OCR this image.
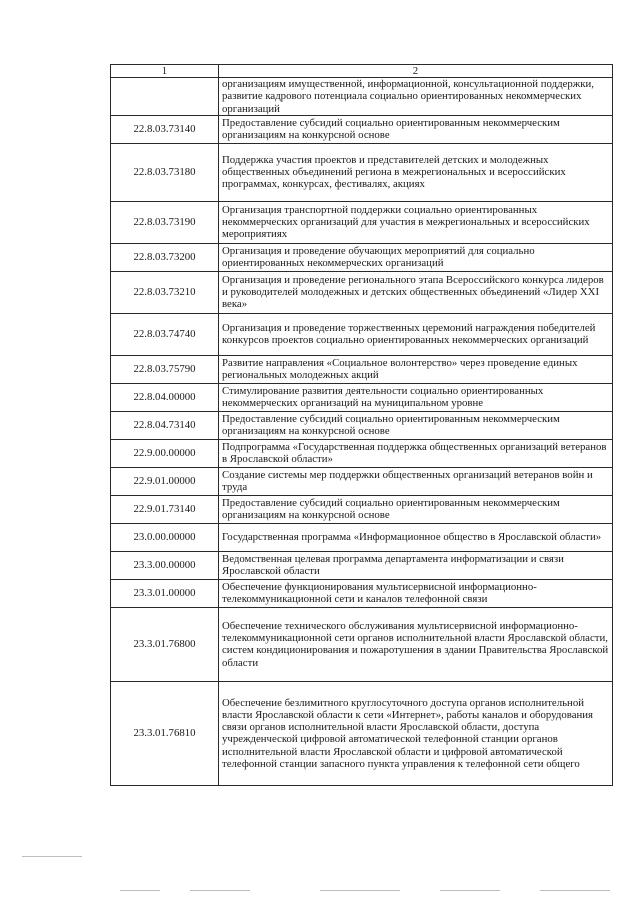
1	2
	организациям имущественной, информационной, консультационной поддержки, развитие кадрового потенциала социально ориентированных некоммерческих организаций
22.8.03.73140	Предоставление субсидий социально ориентированным некоммерческим организациям на конкурсной основе
22.8.03.73180	Поддержка участия проектов и представителей детских и молодежных общественных объединений региона в межрегиональных и всероссийских программах, конкурсах, фестивалях, акциях
22.8.03.73190	Организация транспортной поддержки социально ориентированных некоммерческих организаций для участия в межрегиональных и всероссийских мероприятиях
22.8.03.73200	Организация и проведение обучающих мероприятий для социально ориентированных некоммерческих организаций
22.8.03.73210	Организация и проведение регионального этапа Всероссийского конкурса лидеров и руководителей молодежных и детских общественных объединений «Лидер XXI века»
22.8.03.74740	Организация и проведение торжественных церемоний награждения победителей конкурсов проектов социально ориентированных некоммерческих организаций
22.8.03.75790	Развитие направления «Социальное волонтерство» через проведение единых региональных молодежных акций
22.8.04.00000	Стимулирование развития деятельности социально ориентированных некоммерческих организаций на муниципальном уровне
22.8.04.73140	Предоставление субсидий социально ориентированным некоммерческим организациям на конкурсной основе
22.9.00.00000	Подпрограмма «Государственная поддержка общественных организаций ветеранов в Ярославской области»
22.9.01.00000	Создание системы мер поддержки общественных организаций ветеранов войн и труда
22.9.01.73140	Предоставление субсидий социально ориентированным некоммерческим организациям на конкурсной основе
23.0.00.00000	Государственная программа «Информационное общество в Ярославской области»
23.3.00.00000	Ведомственная целевая программа департамента информатизации и связи Ярославской области
23.3.01.00000	Обеспечение функционирования мультисервисной информационно-телекоммуникационной сети и каналов телефонной связи
23.3.01.76800	Обеспечение технического обслуживания мультисервисной информационно-телекоммуникационной сети органов исполнительной власти Ярославской области, систем кондиционирования и пожаротушения в здании Правительства Ярославской области
23.3.01.76810	Обеспечение безлимитного круглосуточного доступа органов исполнительной власти Ярославской области к сети «Интернет», работы каналов и оборудования связи органов исполнительной власти Ярославской области, доступа учрежденческой цифровой автоматической телефонной станции органов исполнительной власти Ярославской области и цифровой автоматической телефонной станции запасного пункта управления к телефонной сети общего
